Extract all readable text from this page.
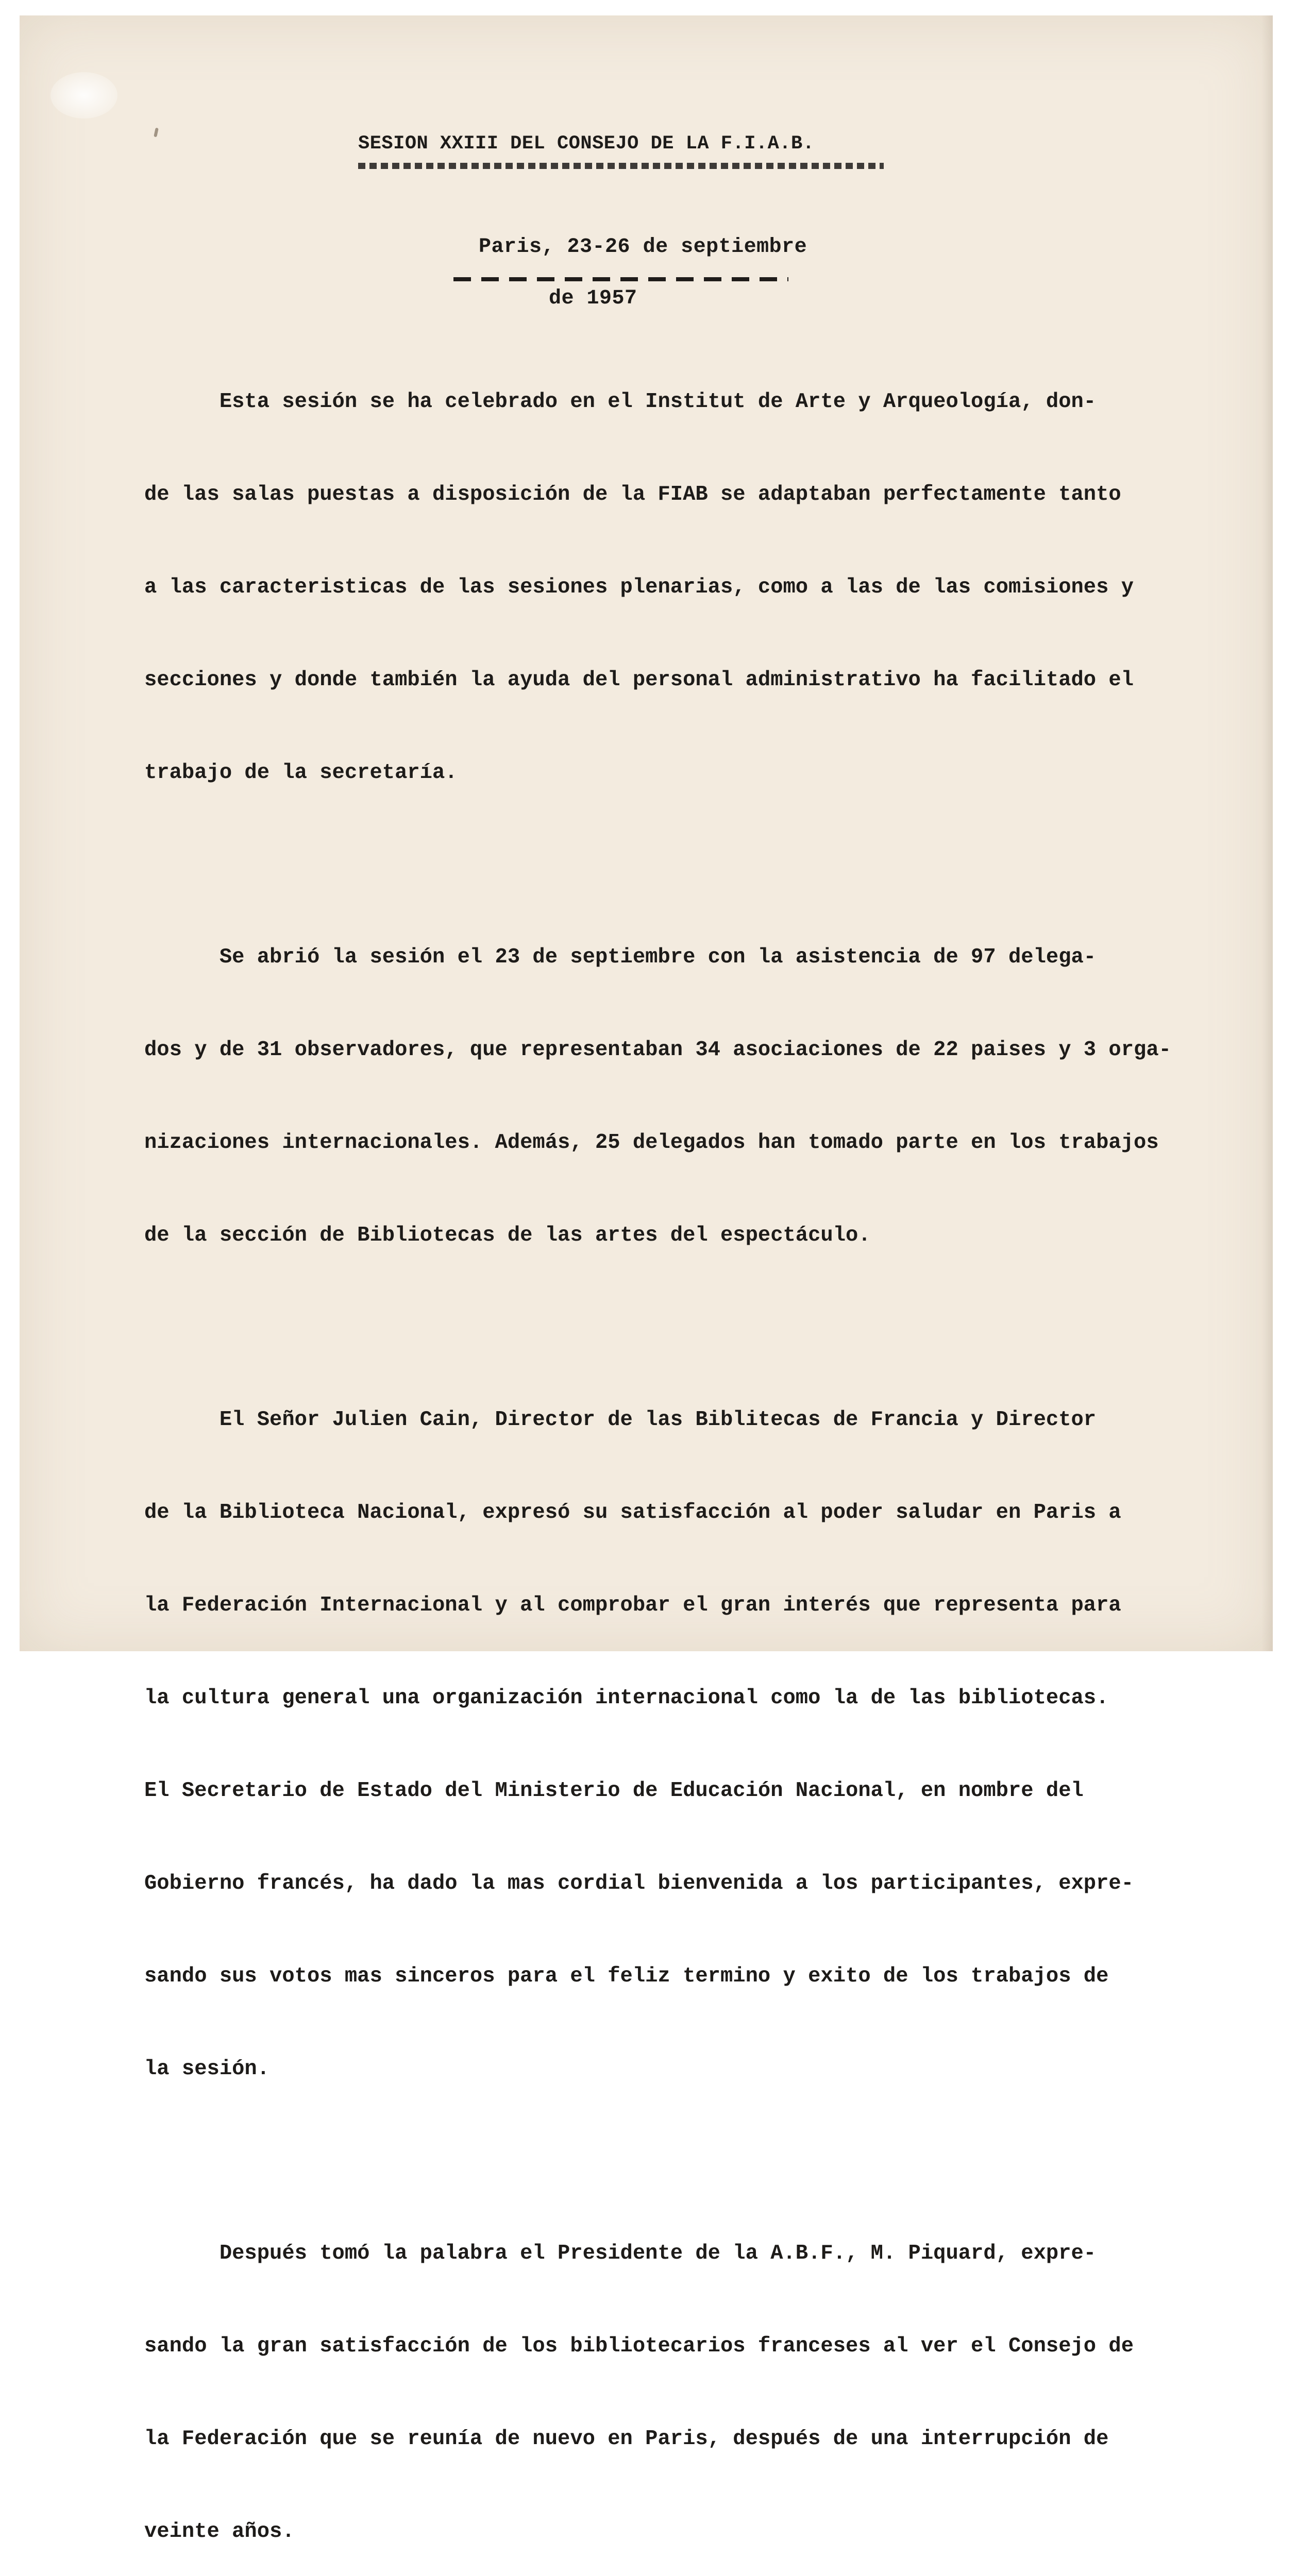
SESION XXIII DEL CONSEJO DE LA F.I.A.B.

Paris, 23-26 de septiembre

de 1957

Esta sesión se ha celebrado en el Institut de Arte y Arqueología, don-

de las salas puestas a disposición de la FIAB se adaptaban perfectamente tanto

a las caracteristicas de las sesiones plenarias, como a las de las comisiones y

secciones y donde también la ayuda del personal administrativo ha facilitado el

trabajo de la secretaría.

Se abrió la sesión el 23 de septiembre con la asistencia de 97 delega-

dos y de 31 observadores, que representaban 34 asociaciones de 22 paises y 3 orga-

nizaciones internacionales. Además, 25 delegados han tomado parte en los trabajos

de la sección de Bibliotecas de las artes del espectáculo.

El Señor Julien Cain, Director de las Biblitecas de Francia y Director

de la Biblioteca Nacional, expresó su satisfacción al poder saludar en Paris a

la Federación Internacional y al comprobar el gran interés que representa para

la cultura general una organización internacional como la de las bibliotecas.

El Secretario de Estado del Ministerio de Educación Nacional, en nombre del

Gobierno francés, ha dado la mas cordial bienvenida a los participantes, expre-

sando sus votos mas sinceros para el feliz termino y exito de los trabajos de

la sesión.

Después tomó la palabra el Presidente de la A.B.F., M. Piquard, expre-

sando la gran satisfacción de los bibliotecarios franceses al ver el Consejo de

la Federación que se reunía de nuevo en Paris, después de una interrupción de

veinte años.
